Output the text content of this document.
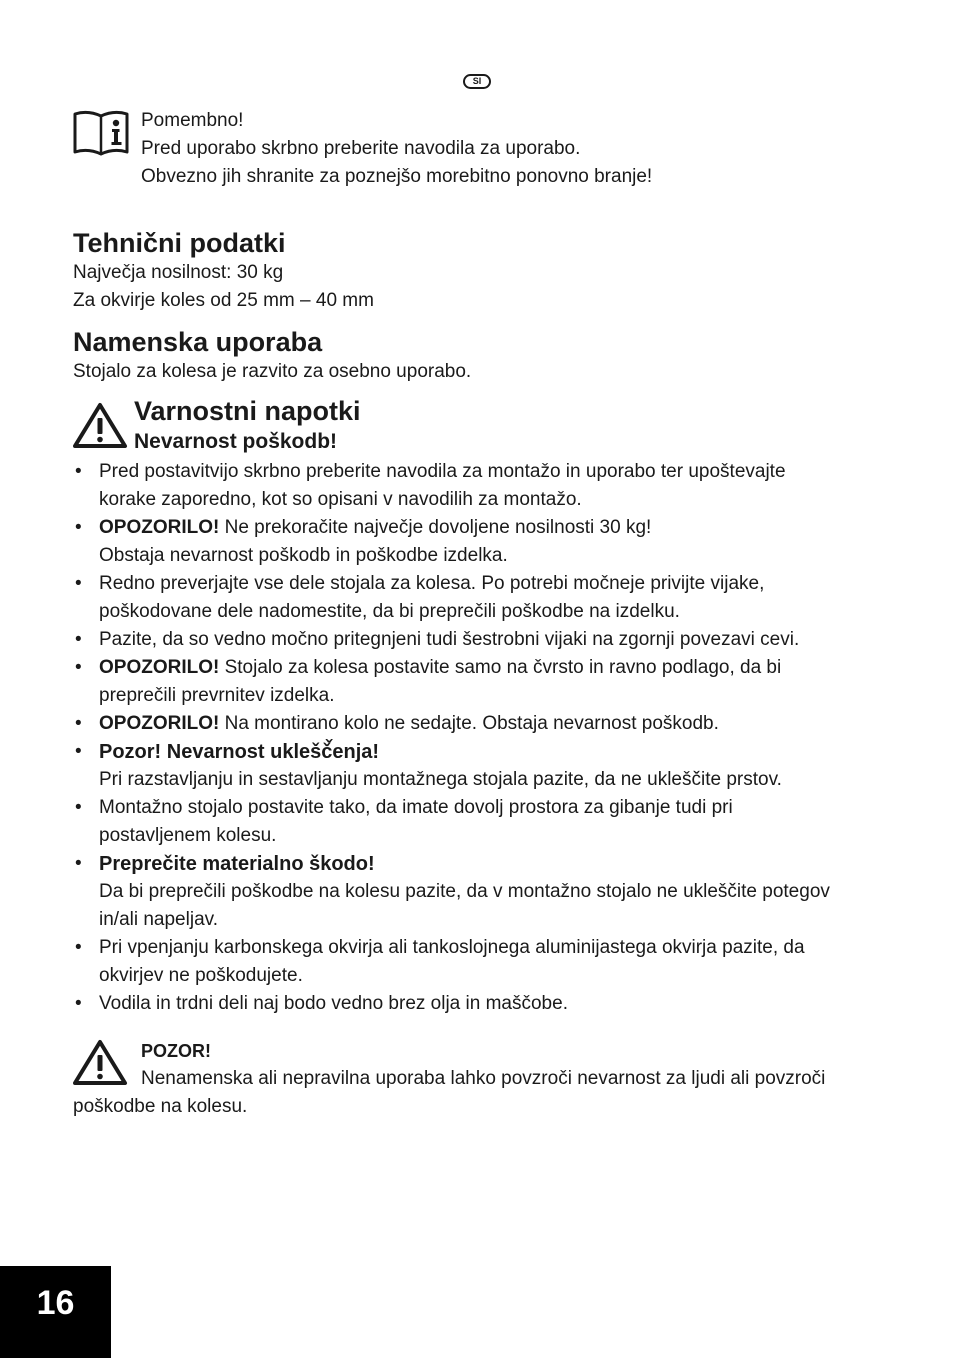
SI
Pomembno!
Pred uporabo skrbno preberite navodila za uporabo.
Obvezno jih shranite za poznejšo morebitno ponovno branje!
Tehnični podatki
Največja nosilnost: 30 kg
Za okvirje koles od 25 mm – 40 mm
Namenska uporaba
Stojalo za kolesa je razvito za osebno uporabo.
Varnostni napotki
Nevarnost poškodb!
• Pred postavitvijo skrbno preberite navodila za montažo in uporabo ter upoštevajte
korake zaporedno, kot so opisani v navodilih za montažo.
• OPOZORILO! Ne prekoračite največje dovoljene nosilnosti 30 kg!
Obstaja nevarnost poškodb in poškodbe izdelka.
• Redno preverjajte vse dele stojala za kolesa. Po potrebi močneje privijte vijake,
poškodovane dele nadomestite, da bi preprečili poškodbe na izdelku.
• Pazite, da so vedno močno pritegnjeni tudi šestrobni vijaki na zgornji povezavi cevi.
• OPOZORILO! Stojalo za kolesa postavite samo na čvrsto in ravno podlago, da bi
preprečili prevrnitev izdelka.
• OPOZORILO! Na montirano kolo ne sedajte. Obstaja nevarnost poškodb.
• Pozor! Nevarnost uklešč̌enja!
Pri razstavljanju in sestavljanju montažnega stojala pazite, da ne uklešč̌ite prstov.
• Montažno stojalo postavite tako, da imate dovolj prostora za gibanje tudi pri
postavljenem kolesu.
• Preprečite materialno škodo!
Da bi preprečili poškodbe na kolesu pazite, da v montažno stojalo ne uklešč̌ite potegov
in/ali napeljav.
• Pri vpenjanju karbonskega okvirja ali tankoslojnega aluminijastega okvirja pazite, da
okvirjev ne poškodujete.
• Vodila in trdni deli naj bodo vedno brez olja in maščobe.
POZOR!
Nenamenska ali nepravilna uporaba lahko povzroči nevarnost za ljudi ali povzroči
poškodbe na kolesu.
16
